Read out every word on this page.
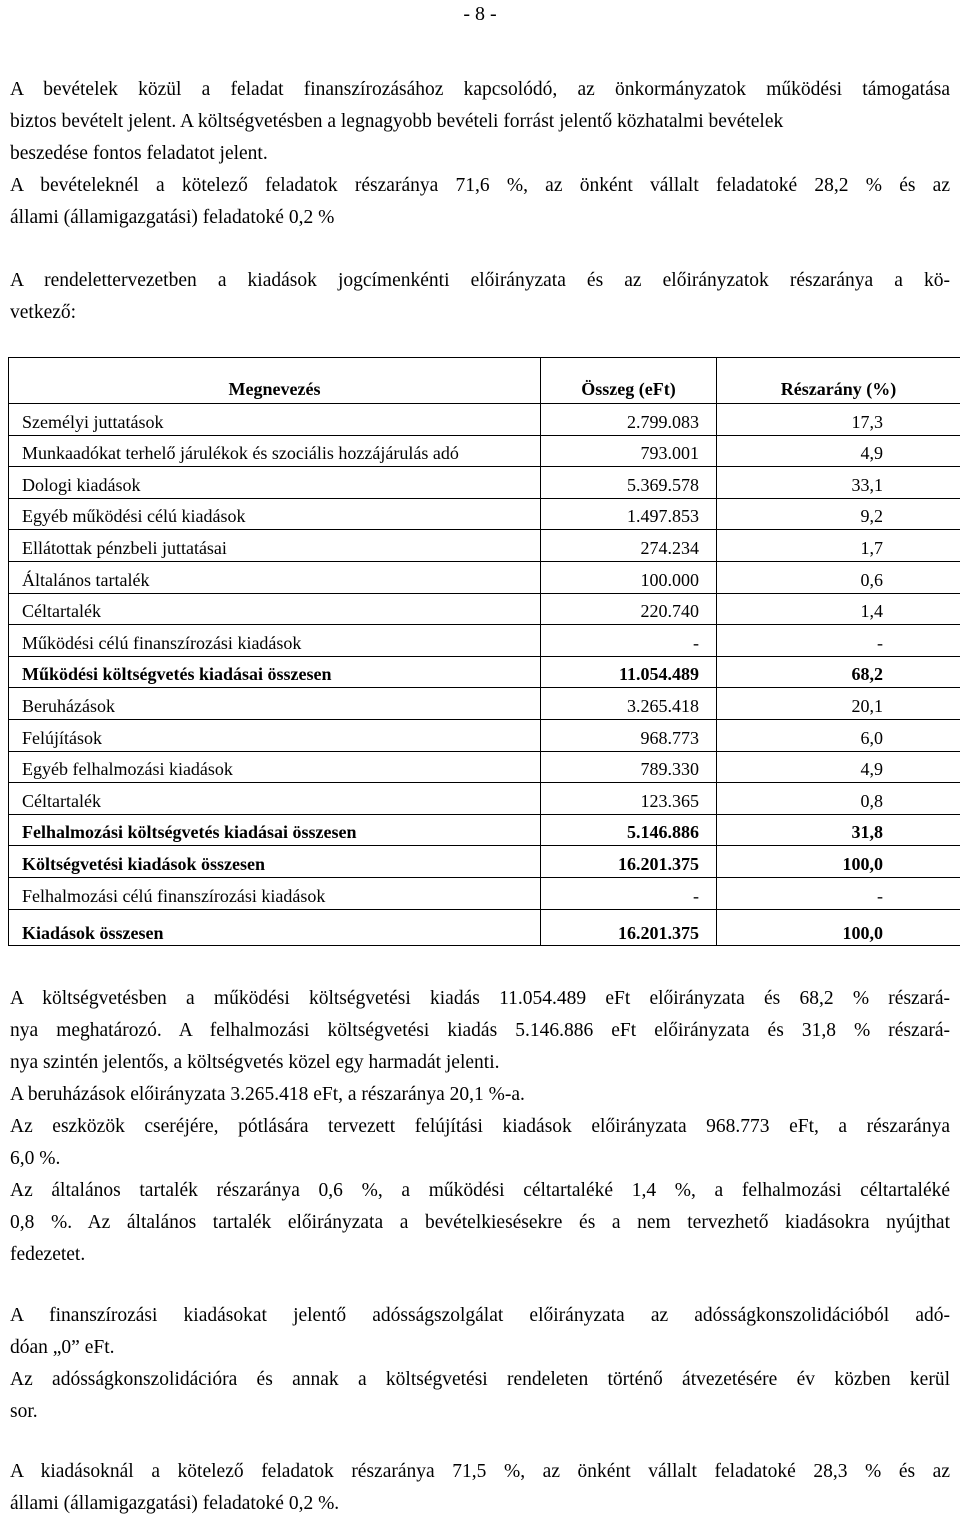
- 8 -

A bevételek közül a feladat finanszírozásához kapcsolódó, az önkormányzatok működési támogatása
biztos bevételt jelent. A költségvetésben a legnagyobb bevételi forrást jelentő közhatalmi bevételek
beszedése fontos feladatot jelent.
A bevételeknél a kötelező feladatok részaránya 71,6 %, az önként vállalt feladatoké 28,2 % és az
állami (államigazgatási) feladatoké 0,2 %

A rendelettervezetben a kiadások jogcímenkénti előirányzata és az előirányzatok részaránya a kö-
vetkező:

Megnevezés	Összeg (eFt)	Részarány (%)
Személyi juttatások	2.799.083	17,3
Munkaadókat terhelő járulékok és szociális hozzájárulás adó	793.001	4,9
Dologi kiadások	5.369.578	33,1
Egyéb működési célú kiadások	1.497.853	9,2
Ellátottak pénzbeli juttatásai	274.234	1,7
Általános tartalék	100.000	0,6
Céltartalék	220.740	1,4
Működési célú finanszírozási kiadások	-	-
Működési költségvetés kiadásai összesen	11.054.489	68,2
Beruházások	3.265.418	20,1
Felújítások	968.773	6,0
Egyéb felhalmozási kiadások	789.330	4,9
Céltartalék	123.365	0,8
Felhalmozási költségvetés kiadásai összesen	5.146.886	31,8
Költségvetési kiadások összesen	16.201.375	100,0
Felhalmozási célú finanszírozási kiadások	-	-
Kiadások összesen	16.201.375	100,0

A költségvetésben a működési költségvetési kiadás 11.054.489 eFt előirányzata és 68,2 % részará-
nya meghatározó. A felhalmozási költségvetési kiadás 5.146.886 eFt előirányzata és 31,8 % részará-
nya szintén jelentős, a költségvetés közel egy harmadát jelenti.
A beruházások előirányzata 3.265.418 eFt, a részaránya 20,1 %-a.
Az eszközök cseréjére, pótlására tervezett felújítási kiadások előirányzata 968.773 eFt, a részaránya
6,0 %.
Az általános tartalék részaránya 0,6 %, a működési céltartaléké 1,4 %, a felhalmozási céltartaléké
0,8 %. Az általános tartalék előirányzata a bevételkiesésekre és a nem tervezhető kiadásokra nyújthat
fedezetet.

A finanszírozási kiadásokat jelentő adósságszolgálat előirányzata az adósságkonszolidációból adó-
dóan „0” eFt.
Az adósságkonszolidációra és annak a költségvetési rendeleten történő átvezetésére év közben kerül
sor.

A kiadásoknál a kötelező feladatok részaránya 71,5 %, az önként vállalt feladatoké 28,3 % és az
állami (államigazgatási) feladatoké 0,2 %.
